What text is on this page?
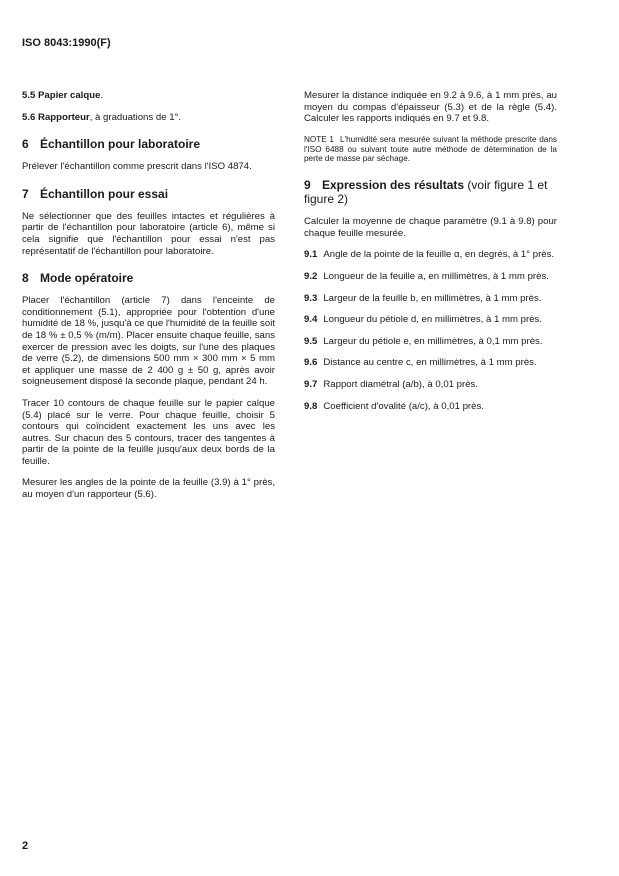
ISO 8043:1990(F)

5.5 Papier calque.

5.6 Rapporteur, à graduations de 1°.

6 Échantillon pour laboratoire

Prélever l'échantillon comme prescrit dans l'ISO 4874.

7 Échantillon pour essai

Ne sélectionner que des feuilles intactes et régulières à partir de l'échantillon pour laboratoire (article 6), même si cela signifie que l'échantillon pour essai n'est pas représentatif de l'échantillon pour laboratoire.

8 Mode opératoire

Placer l'échantillon (article 7) dans l'enceinte de conditionnement (5.1), appropriée pour l'obtention d'une humidité de 18 %, jusqu'à ce que l'humidité de la feuille soit de 18 % ± 0,5 % (m/m). Placer ensuite chaque feuille, sans exercer de pression avec les doigts, sur l'une des plaques de verre (5.2), de dimensions 500 mm × 300 mm × 5 mm et appliquer une masse de 2 400 g ± 50 g, après avoir soigneusement disposé la seconde plaque, pendant 24 h.

Tracer 10 contours de chaque feuille sur le papier calque (5.4) placé sur le verre. Pour chaque feuille, choisir 5 contours qui coïncident exactement les uns avec les autres. Sur chacun des 5 contours, tracer des tangentes à partir de la pointe de la feuille jusqu'aux deux bords de la feuille.

Mesurer les angles de la pointe de la feuille (3.9) à 1° près, au moyen d'un rapporteur (5.6).

Mesurer la distance indiquée en 9.2 à 9.6, à 1 mm près, au moyen du compas d'épaisseur (5.3) et de la règle (5.4). Calculer les rapports indiqués en 9.7 et 9.8.

NOTE 1 L'humidité sera mesurée suivant la méthode prescrite dans l'ISO 6488 ou suivant toute autre méthode de détermination de la perte de masse par séchage.

9 Expression des résultats (voir figure 1 et figure 2)

Calculer la moyenne de chaque paramètre (9.1 à 9.8) pour chaque feuille mesurée.

9.1 Angle de la pointe de la feuille α, en degrés, à 1° près.

9.2 Longueur de la feuille a, en millimètres, à 1 mm près.

9.3 Largeur de la feuille b, en millimètres, à 1 mm près.

9.4 Longueur du pétiole d, en millimètres, à 1 mm près.

9.5 Largeur du pétiole e, en millimètres, à 0,1 mm près.

9.6 Distance au centre c, en millimètres, à 1 mm près.

9.7 Rapport diamétral (a/b), à 0,01 près.

9.8 Coefficient d'ovalité (a/c), à 0,01 près.

2
